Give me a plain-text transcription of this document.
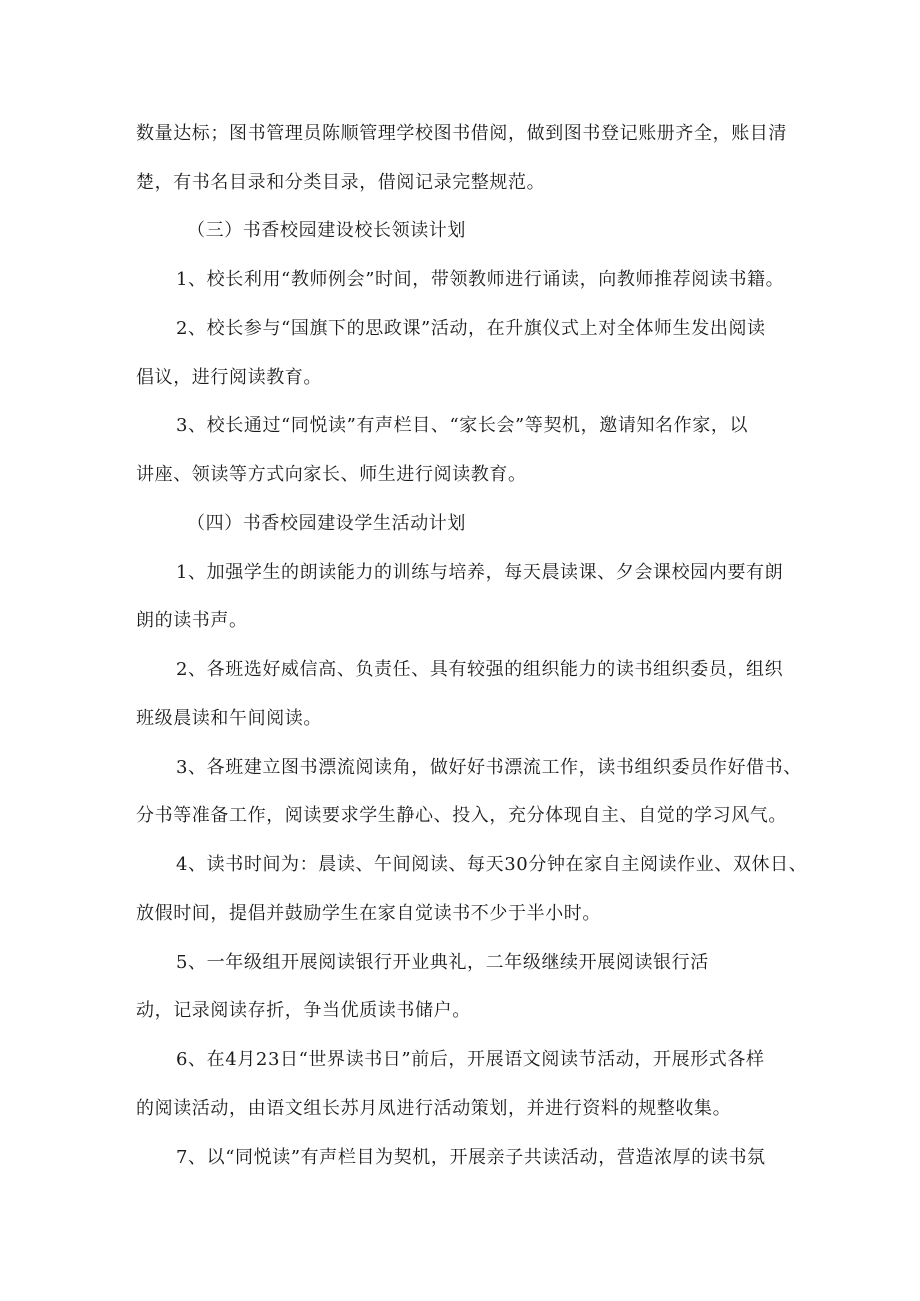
数量达标；图书管理员陈顺管理学校图书借阅，做到图书登记账册齐全，账目清
楚，有书名目录和分类目录，借阅记录完整规范。
（三）书香校园建设校长领读计划
1、校长利用“教师例会”时间，带领教师进行诵读，向教师推荐阅读书籍。
2、校长参与“国旗下的思政课”活动，在升旗仪式上对全体师生发出阅读
倡议，进行阅读教育。
3、校长通过“同悦读”有声栏目、“家长会”等契机，邀请知名作家，以
讲座、领读等方式向家长、师生进行阅读教育。
（四）书香校园建设学生活动计划
1、加强学生的朗读能力的训练与培养，每天晨读课、夕会课校园内要有朗
朗的读书声。
2、各班选好威信高、负责任、具有较强的组织能力的读书组织委员，组织
班级晨读和午间阅读。
3、各班建立图书漂流阅读角，做好好书漂流工作，读书组织委员作好借书、
分书等准备工作，阅读要求学生静心、投入，充分体现自主、自觉的学习风气。
4、读书时间为：晨读、午间阅读、每天30分钟在家自主阅读作业、双休日、
放假时间，提倡并鼓励学生在家自觉读书不少于半小时。
5、一年级组开展阅读银行开业典礼，二年级继续开展阅读银行活
动，记录阅读存折，争当优质读书储户。
6、在4月23日“世界读书日”前后，开展语文阅读节活动，开展形式各样
的阅读活动，由语文组长苏月凤进行活动策划，并进行资料的规整收集。
7、以“同悦读”有声栏目为契机，开展亲子共读活动，营造浓厚的读书氛
